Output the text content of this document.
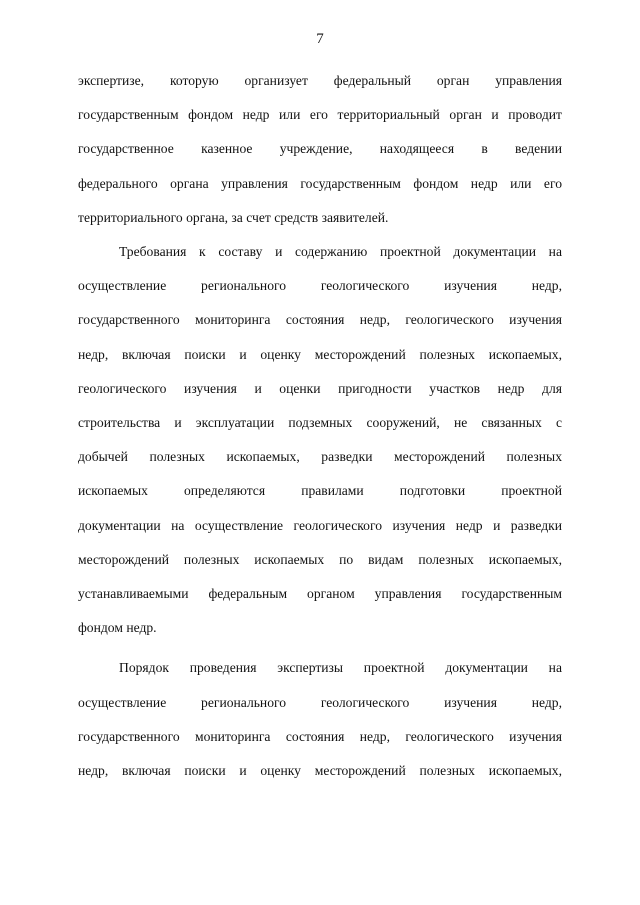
7

экспертизе, которую организует федеральный орган управления
государственным фондом недр или его территориальный орган и проводит
государственное казенное учреждение, находящееся в ведении
федерального органа управления государственным фондом недр или его
территориального органа, за счет средств заявителей.

Требования к составу и содержанию проектной документации на
осуществление регионального геологического изучения недр,
государственного мониторинга состояния недр, геологического изучения
недр, включая поиски и оценку месторождений полезных ископаемых,
геологического изучения и оценки пригодности участков недр для
строительства и эксплуатации подземных сооружений, не связанных с
добычей полезных ископаемых, разведки месторождений полезных
ископаемых определяются правилами подготовки проектной
документации на осуществление геологического изучения недр и разведки
месторождений полезных ископаемых по видам полезных ископаемых,
устанавливаемыми федеральным органом управления государственным
фондом недр.

Порядок проведения экспертизы проектной документации на
осуществление регионального геологического изучения недр,
государственного мониторинга состояния недр, геологического изучения
недр, включая поиски и оценку месторождений полезных ископаемых,
